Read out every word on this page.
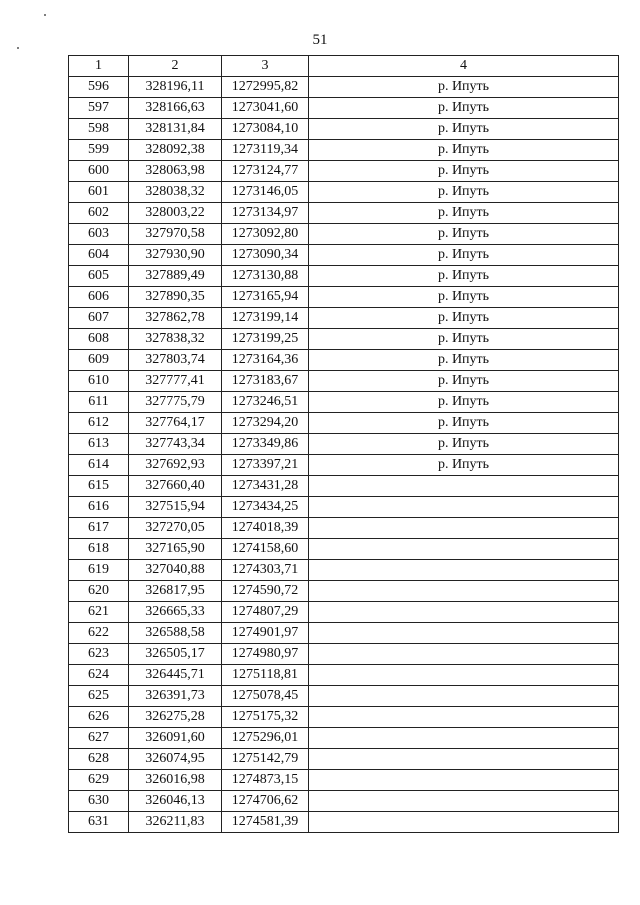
51
1	2	3	4
596	328196,11	1272995,82	р. Ипуть
597	328166,63	1273041,60	р. Ипуть
598	328131,84	1273084,10	р. Ипуть
599	328092,38	1273119,34	р. Ипуть
600	328063,98	1273124,77	р. Ипуть
601	328038,32	1273146,05	р. Ипуть
602	328003,22	1273134,97	р. Ипуть
603	327970,58	1273092,80	р. Ипуть
604	327930,90	1273090,34	р. Ипуть
605	327889,49	1273130,88	р. Ипуть
606	327890,35	1273165,94	р. Ипуть
607	327862,78	1273199,14	р. Ипуть
608	327838,32	1273199,25	р. Ипуть
609	327803,74	1273164,36	р. Ипуть
610	327777,41	1273183,67	р. Ипуть
611	327775,79	1273246,51	р. Ипуть
612	327764,17	1273294,20	р. Ипуть
613	327743,34	1273349,86	р. Ипуть
614	327692,93	1273397,21	р. Ипуть
615	327660,40	1273431,28	
616	327515,94	1273434,25	
617	327270,05	1274018,39	
618	327165,90	1274158,60	
619	327040,88	1274303,71	
620	326817,95	1274590,72	
621	326665,33	1274807,29	
622	326588,58	1274901,97	
623	326505,17	1274980,97	
624	326445,71	1275118,81	
625	326391,73	1275078,45	
626	326275,28	1275175,32	
627	326091,60	1275296,01	
628	326074,95	1275142,79	
629	326016,98	1274873,15	
630	326046,13	1274706,62	
631	326211,83	1274581,39	
